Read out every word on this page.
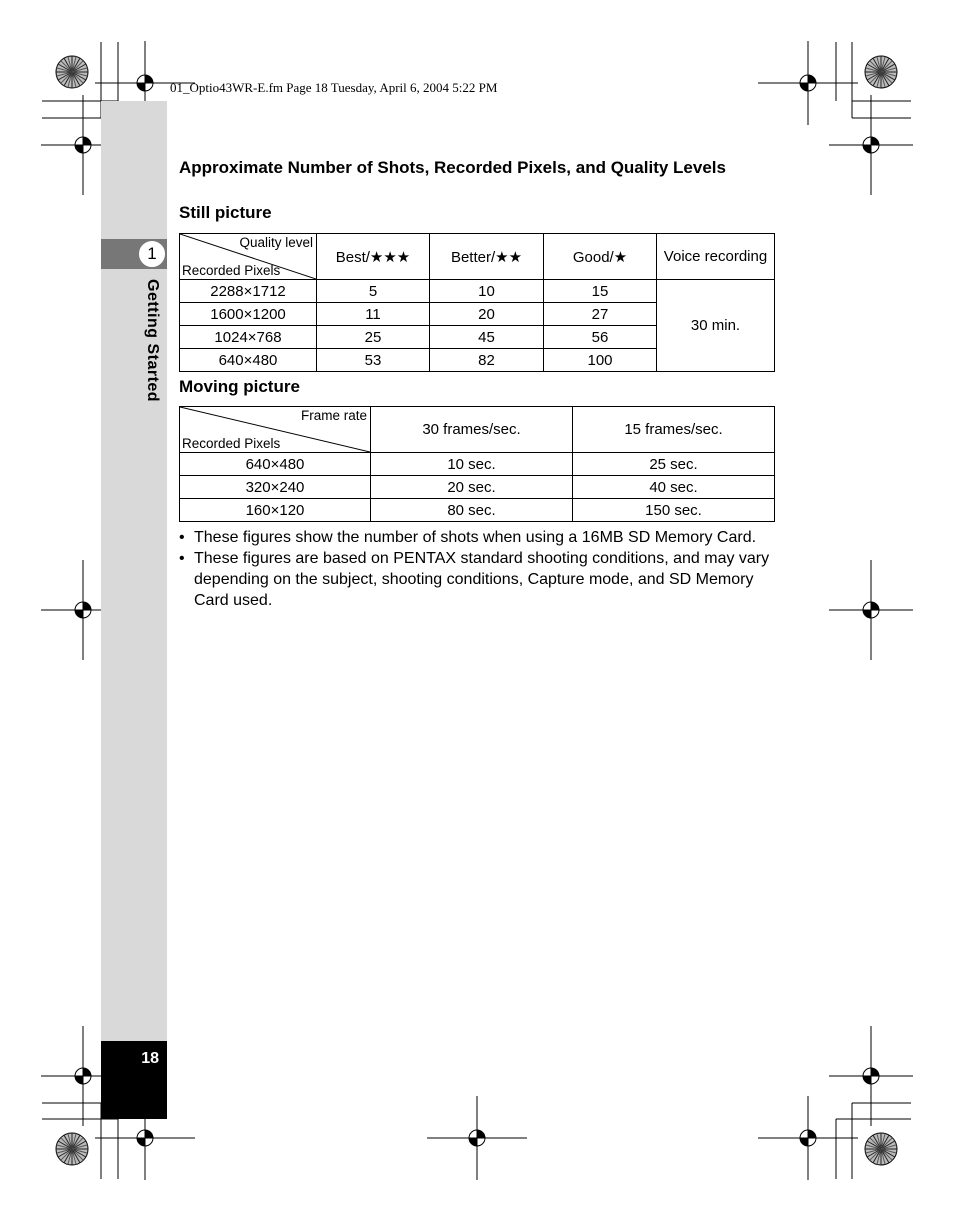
01_Optio43WR-E.fm Page 18 Tuesday, April 6, 2004 5:22 PM
1
Getting Started
18
Approximate Number of Shots, Recorded Pixels, and Quality Levels
Still picture
Quality level
Recorded Pixels	Best/★★★	Better/★★	Good/★	Voice recording
2288×1712	5	10	15	30 min.
1600×1200	11	20	27	
1024×768	25	45	56	
640×480	53	82	100	
Moving picture
Frame rate
Recorded Pixels	30 frames/sec.	15 frames/sec.
640×480	10 sec.	25 sec.
320×240	20 sec.	40 sec.
160×120	80 sec.	150 sec.
• These figures show the number of shots when using a 16MB SD Memory Card.
• These figures are based on PENTAX standard shooting conditions, and may vary depending on the subject, shooting conditions, Capture mode, and SD Memory Card used.
